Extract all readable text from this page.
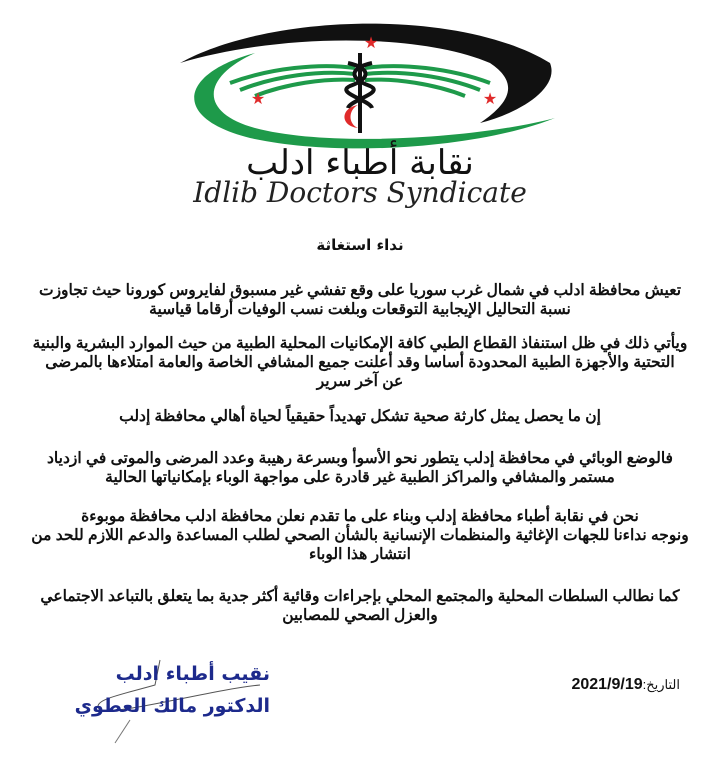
★
★	★
نقابة أطباء ادلب
Idlib Doctors Syndicate
نداء استغاثة
تعيش محافظة ادلب في شمال غرب سوريا على وقع تفشي غير مسبوق لفايروس كورونا حيث تجاوزت
نسبة التحاليل الإيجابية التوقعات وبلغت نسب الوفيات أرقاما قياسية
ويأتي ذلك في ظل استنفاذ القطاع الطبي كافة الإمكانيات المحلية الطبية من حيث الموارد البشرية والبنية
التحتية والأجهزة الطبية المحدودة أساسا وقد أعلنت جميع المشافي الخاصة والعامة امتلاءها بالمرضى
عن آخر سرير
إن ما يحصل يمثل كارثة صحية تشكل تهديداً حقيقياً لحياة أهالي محافظة إدلب
فالوضع الوبائي في محافظة إدلب يتطور نحو الأسوأ وبسرعة رهيبة وعدد المرضى والموتى في ازدياد
مستمر والمشافي والمراكز الطبية غير قادرة على مواجهة الوباء بإمكانياتها الحالية
نحن في نقابة أطباء محافظة إدلب وبناء على ما تقدم نعلن محافظة ادلب محافظة موبوءة
ونوجه نداءنا للجهات الإغاثية والمنظمات الإنسانية بالشأن الصحي لطلب المساعدة والدعم اللازم للحد من
انتشار هذا الوباء
كما نطالب السلطات المحلية والمجتمع المحلي بإجراءات وقائية أكثر جدية بما يتعلق بالتباعد الاجتماعي
والعزل الصحي للمصابين
التاريخ:2021/9/19
نقيب أطباء ادلب
الدكتور مالك العطوي
